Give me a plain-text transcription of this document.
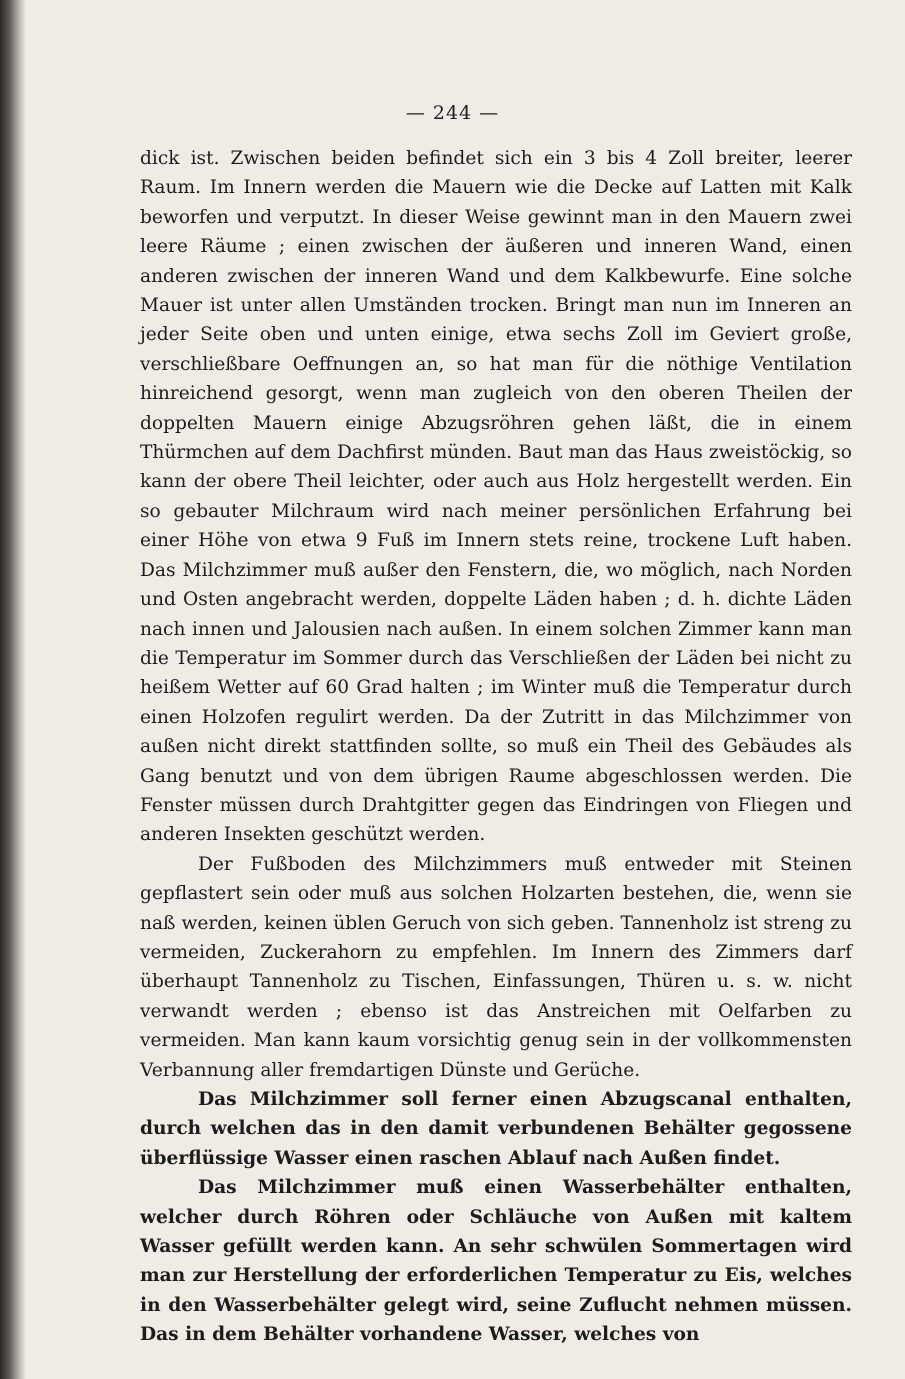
— 244 —

dick ist. Zwischen beiden befindet sich ein 3 bis 4 Zoll breiter, leerer Raum. Im Innern werden die Mauern wie die Decke auf Latten mit Kalk beworfen und verputzt. In dieser Weise gewinnt man in den Mauern zwei leere Räume ; einen zwischen der äußeren und inneren Wand, einen anderen zwischen der inneren Wand und dem Kalkbewurfe. Eine solche Mauer ist unter allen Umständen trocken. Bringt man nun im Inneren an jeder Seite oben und unten einige, etwa sechs Zoll im Geviert große, verschließbare Oeffnungen an, so hat man für die nöthige Ventilation hinreichend gesorgt, wenn man zugleich von den oberen Theilen der doppelten Mauern einige Abzugsröhren gehen läßt, die in einem Thürmchen auf dem Dachfirst münden. Baut man das Haus zweistöckig, so kann der obere Theil leichter, oder auch aus Holz hergestellt werden. Ein so gebauter Milchraum wird nach meiner persönlichen Erfahrung bei einer Höhe von etwa 9 Fuß im Innern stets reine, trockene Luft haben. Das Milchzimmer muß außer den Fenstern, die, wo möglich, nach Norden und Osten angebracht werden, doppelte Läden haben ; d. h. dichte Läden nach innen und Jalousien nach außen. In einem solchen Zimmer kann man die Temperatur im Sommer durch das Verschließen der Läden bei nicht zu heißem Wetter auf 60 Grad halten ; im Winter muß die Temperatur durch einen Holzofen regulirt werden. Da der Zutritt in das Milchzimmer von außen nicht direkt stattfinden sollte, so muß ein Theil des Gebäudes als Gang benutzt und von dem übrigen Raume abgeschlossen werden. Die Fenster müssen durch Drahtgitter gegen das Eindringen von Fliegen und anderen Insekten geschützt werden.

Der Fußboden des Milchzimmers muß entweder mit Steinen gepflastert sein oder muß aus solchen Holzarten bestehen, die, wenn sie naß werden, keinen üblen Geruch von sich geben. Tannenholz ist streng zu vermeiden, Zuckerahorn zu empfehlen. Im Innern des Zimmers darf überhaupt Tannenholz zu Tischen, Einfassungen, Thüren u. s. w. nicht verwandt werden ; ebenso ist das Anstreichen mit Oelfarben zu vermeiden. Man kann kaum vorsichtig genug sein in der vollkommensten Verbannung aller fremdartigen Dünste und Gerüche.

Das Milchzimmer soll ferner einen Abzugscanal enthalten, durch welchen das in den damit verbundenen Behälter gegossene überflüssige Wasser einen raschen Ablauf nach Außen findet.

Das Milchzimmer muß einen Wasserbehälter enthalten, welcher durch Röhren oder Schläuche von Außen mit kaltem Wasser gefüllt werden kann. An sehr schwülen Sommertagen wird man zur Herstellung der erforderlichen Temperatur zu Eis, welches in den Wasserbehälter gelegt wird, seine Zuflucht nehmen müssen. Das in dem Behälter vorhandene Wasser, welches von
